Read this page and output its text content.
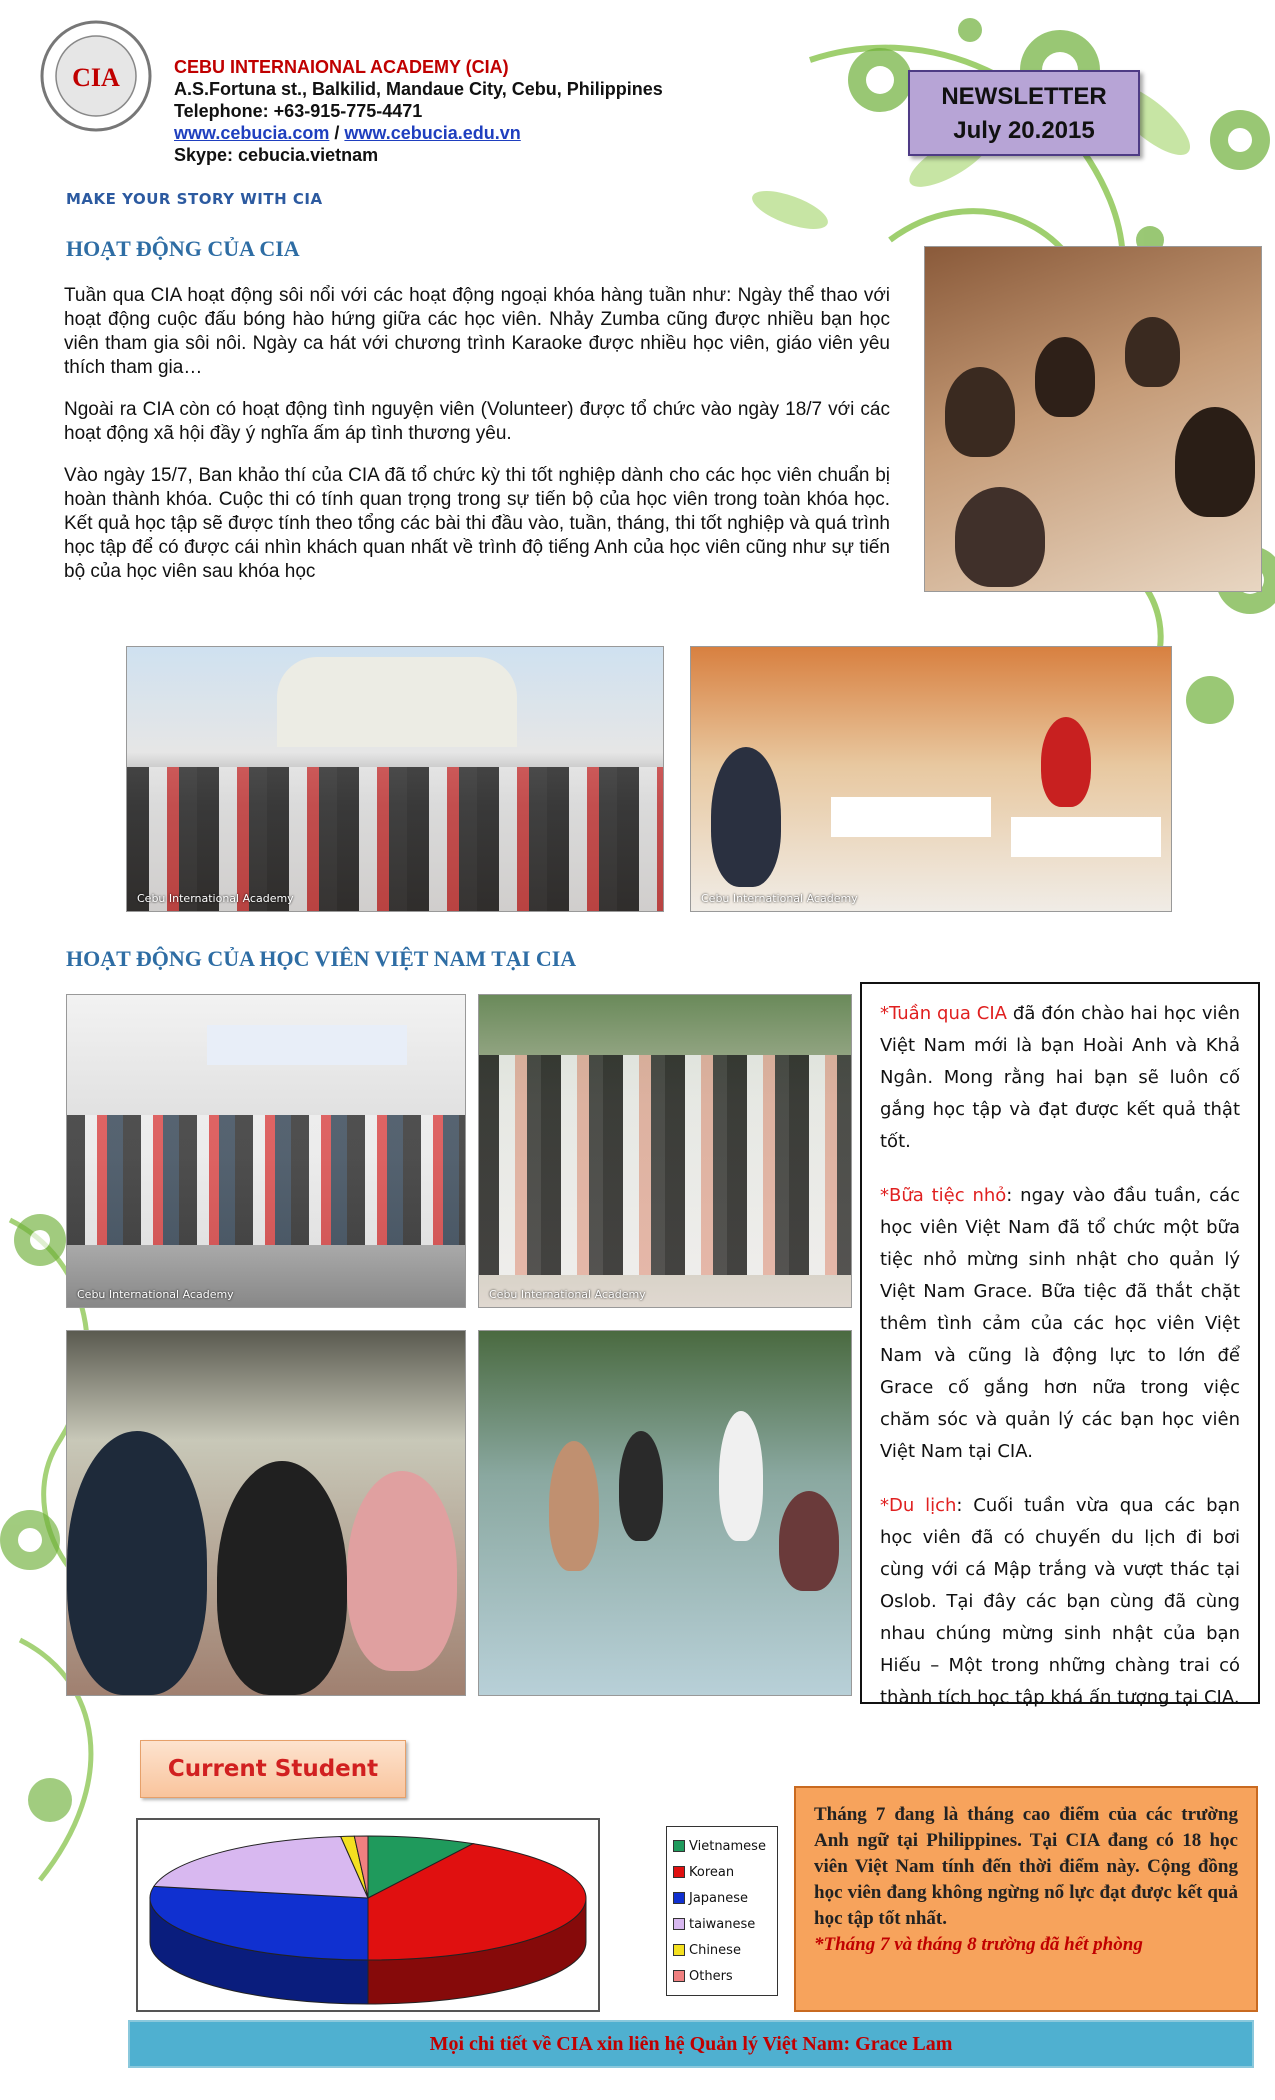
CIA	CEBU INTERNAIONAL ACADEMY (CIA)
A.S.Fortuna st., Balkilid, Mandaue City, Cebu, Philippines
Telephone: +63-915-775-4471
www.cebucia.com / www.cebucia.edu.vn
Skype: cebucia.vietnam
NEWSLETTER
July 20.2015
MAKE YOUR STORY WITH CIA
HOẠT ĐỘNG CỦA CIA

Tuần qua CIA hoạt động sôi nổi với các hoạt động ngoại khóa hàng tuần như: Ngày thể thao với hoạt động cuộc đấu bóng hào hứng giữa các học viên. Nhảy Zumba cũng được nhiều bạn học viên tham gia sôi nôi. Ngày ca hát với chương trình Karaoke được nhiều học viên, giáo viên yêu thích tham gia…

Ngoài ra CIA còn có hoạt động tình nguyện viên (Volunteer) được tổ chức vào ngày 18/7 với các hoạt động xã hội đầy ý nghĩa ấm áp tình thương yêu.

Vào ngày 15/7, Ban khảo thí của CIA đã tổ chức kỳ thi tốt nghiệp dành cho các học viên chuẩn bị hoàn thành khóa. Cuộc thi có tính quan trọng trong sự tiến bộ của học viên trong toàn khóa học. Kết quả học tập sẽ được tính theo tổng các bài thi đầu vào, tuần, tháng, thi tốt nghiệp và quá trình học tập để có được cái nhìn khách quan nhất về trình độ tiếng Anh của học viên cũng như sự tiến bộ của học viên sau khóa học

Cebu International Academy	Cebu International Academy
HOẠT ĐỘNG CỦA HỌC VIÊN VIỆT NAM TẠI CIA
Cebu International Academy	Cebu International Academy

*Tuần qua CIA đã đón chào hai học viên Việt Nam mới là bạn Hoài Anh và Khả Ngân. Mong rằng hai bạn sẽ luôn cố gắng học tập và đạt được kết quả thật tốt.

*Bữa tiệc nhỏ: ngay vào đầu tuần, các học viên Việt Nam đã tổ chức một bữa tiệc nhỏ mừng sinh nhật cho quản lý Việt Nam Grace. Bữa tiệc đã thắt chặt thêm tình cảm của các học viên Việt Nam và cũng là động lực to lớn để Grace cố gắng hơn nữa trong việc chăm sóc và quản lý các bạn học viên Việt Nam tại CIA.

*Du lịch: Cuối tuần vừa qua các bạn học viên đã có chuyến du lịch đi bơi cùng với cá Mập trắng và vượt thác tại Oslob. Tại đây các bạn cùng đã cùng nhau chúng mừng sinh nhật của bạn Hiếu – Một trong những chàng trai có thành tích học tập khá ấn tượng tại CIA.

Current Student
Vietnamese
Korean
Japanese
taiwanese
Chinese
Others
Tháng 7 đang là tháng cao điểm của các trường Anh ngữ tại Philippines. Tại CIA đang có 18 học viên Việt Nam tính đến thời điểm này. Cộng đồng học viên đang không ngừng nổ lực đạt được kết quả học tập tốt nhất.
*Tháng 7 và tháng 8 trường đã hết phòng
Mọi chi tiết về CIA xin liên hệ Quản lý Việt Nam: Grace Lam
